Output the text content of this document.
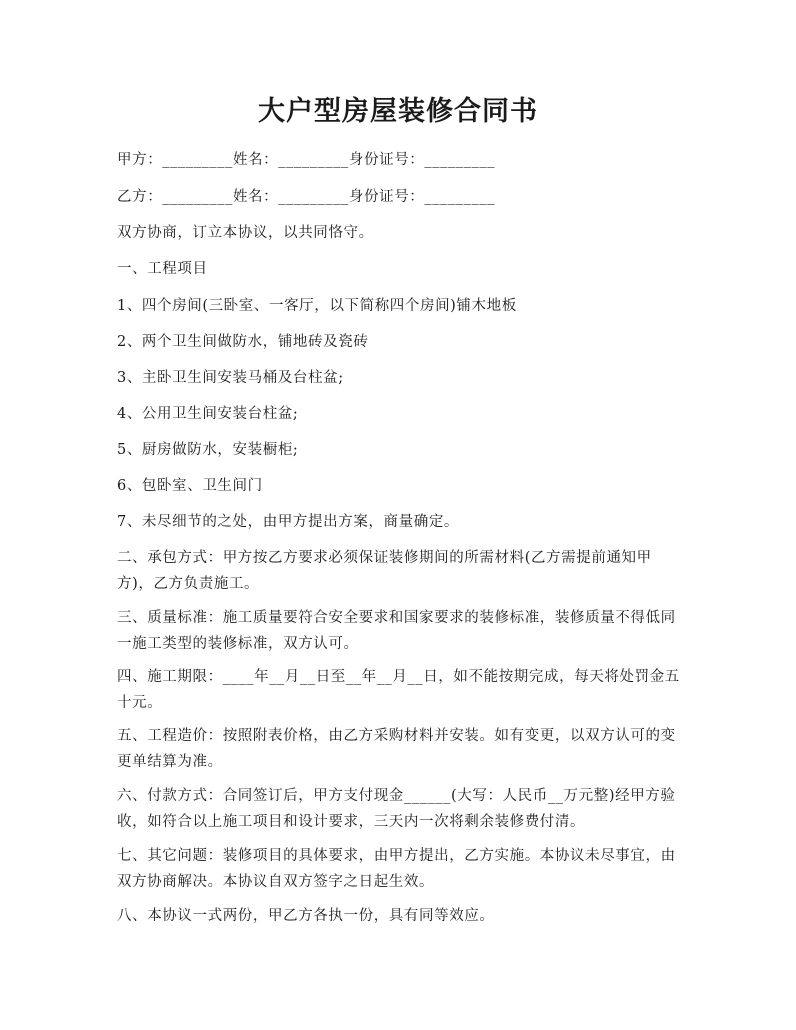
大户型房屋装修合同书
甲方：_________姓名：_________身份证号：_________
乙方：_________姓名：_________身份证号：_________
双方协商，订立本协议，以共同恪守。
一、工程项目
1、四个房间(三卧室、一客厅，以下简称四个房间)铺木地板
2、两个卫生间做防水，铺地砖及瓷砖
3、主卧卫生间安装马桶及台柱盆;
4、公用卫生间安装台柱盆;
5、厨房做防水，安装橱柜;
6、包卧室、卫生间门
7、未尽细节的之处，由甲方提出方案，商量确定。
二、承包方式：甲方按乙方要求必须保证装修期间的所需材料(乙方需提前通知甲方)，乙方负责施工。
三、质量标准：施工质量要符合安全要求和国家要求的装修标准，装修质量不得低同一施工类型的装修标准，双方认可。
四、施工期限：____年__月__日至__年__月__日，如不能按期完成，每天将处罚金五十元。
五、工程造价：按照附表价格，由乙方采购材料并安装。如有变更，以双方认可的变更单结算为准。
六、付款方式：合同签订后，甲方支付现金______(大写：人民币__万元整)经甲方验收，如符合以上施工项目和设计要求，三天内一次将剩余装修费付清。
七、其它问题：装修项目的具体要求，由甲方提出，乙方实施。本协议未尽事宜，由双方协商解决。本协议自双方签字之日起生效。
八、本协议一式两份，甲乙方各执一份，具有同等效应。
